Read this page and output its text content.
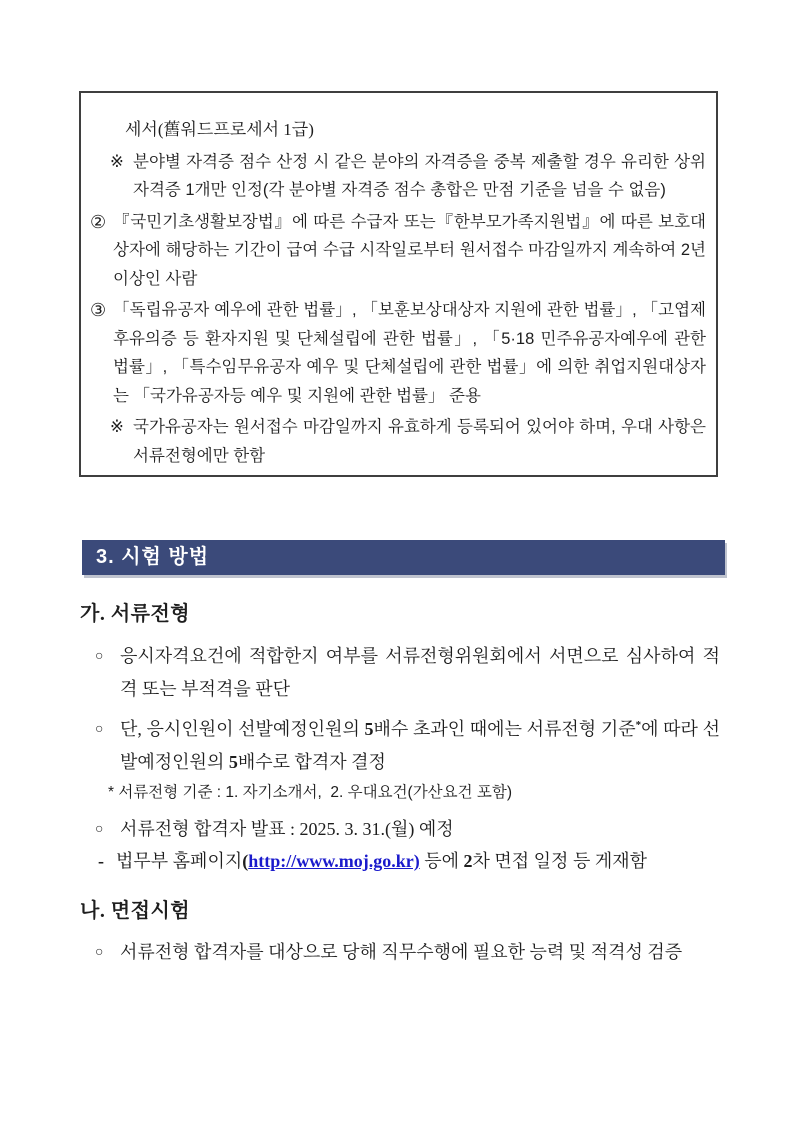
세서(舊워드프로세서 1급)

※ 분야별 자격증 점수 산정 시 같은 분야의 자격증을 중복 제출할 경우 유리한 상위 자격증 1개만 인정(각 분야별 자격증 점수 총합은 만점 기준을 넘을 수 없음)
② 『국민기초생활보장법』에 따른 수급자 또는『한부모가족지원법』에 따른 보호대상자에 해당하는 기간이 급여 수급 시작일로부터 원서접수 마감일까지 계속하여 2년 이상인 사람
③ 「독립유공자 예우에 관한 법률」, 「보훈보상대상자 지원에 관한 법률」, 「고엽제후유의증 등 환자지원 및 단체설립에 관한 법률」, 「5·18 민주유공자예우에 관한 법률」, 「특수임무유공자 예우 및 단체설립에 관한 법률」에 의한 취업지원대상자는 「국가유공자등 예우 및 지원에 관한 법률」 준용
※ 국가유공자는 원서접수 마감일까지 유효하게 등록되어 있어야 하며, 우대 사항은 서류전형에만 한함
3. 시험 방법
가. 서류전형
○ 응시자격요건에 적합한지 여부를 서류전형위원회에서 서면으로 심사하여 적격 또는 부적격을 판단
○ 단, 응시인원이 선발예정인원의 5배수 초과인 때에는 서류전형 기준*에 따라 선발예정인원의 5배수로 합격자 결정
* 서류전형 기준 : 1. 자기소개서,  2. 우대요건(가산요건 포함)
○ 서류전형 합격자 발표 : 2025. 3. 31.(월) 예정
- 법무부 홈페이지(http://www.moj.go.kr) 등에 2차 면접 일정 등 게재함
나. 면접시험
○ 서류전형 합격자를 대상으로 당해 직무수행에 필요한 능력 및 적격성 검증
